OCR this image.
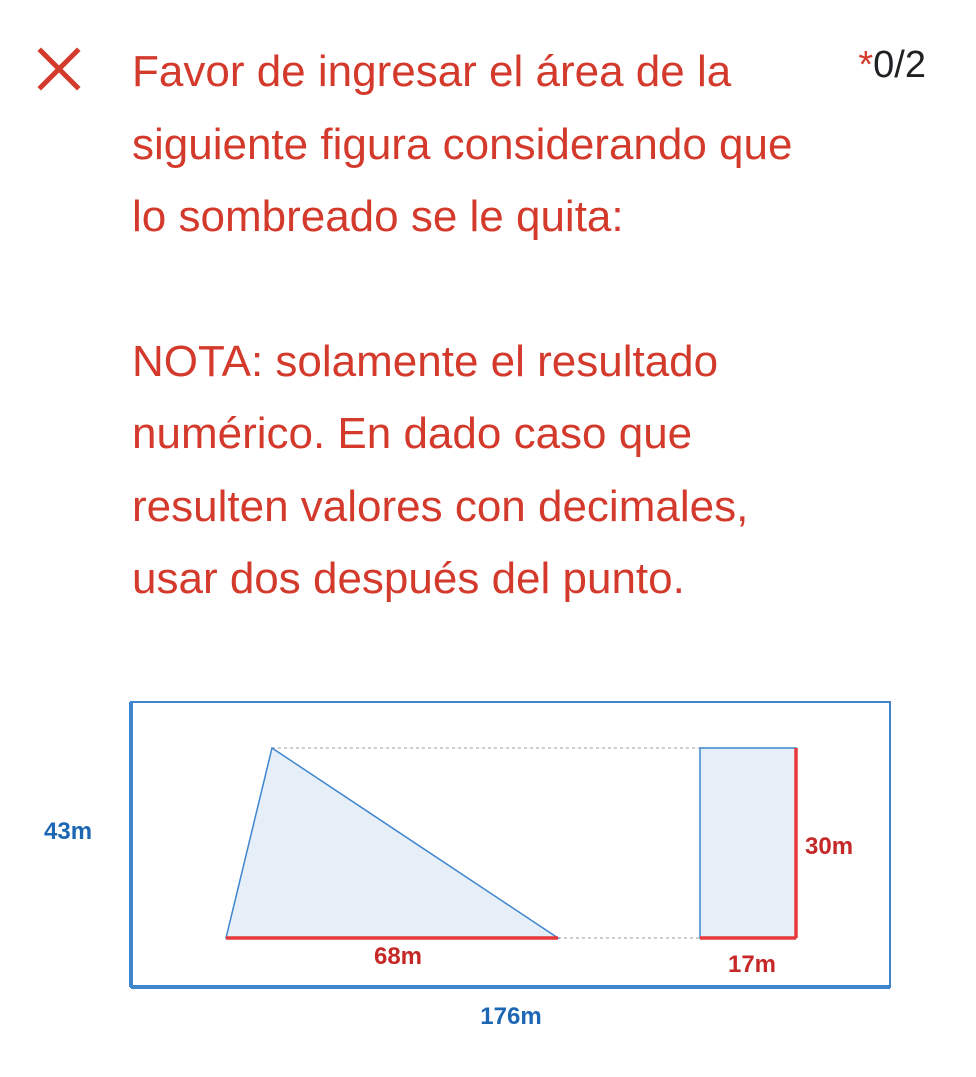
Favor de ingresar el área de la siguiente figura considerando que lo sombreado se le quita:

NOTA: solamente el resultado numérico. En dado caso que resulten valores con decimales, usar dos después del punto.

*0/2
43m
176m
68m
30m
17m
